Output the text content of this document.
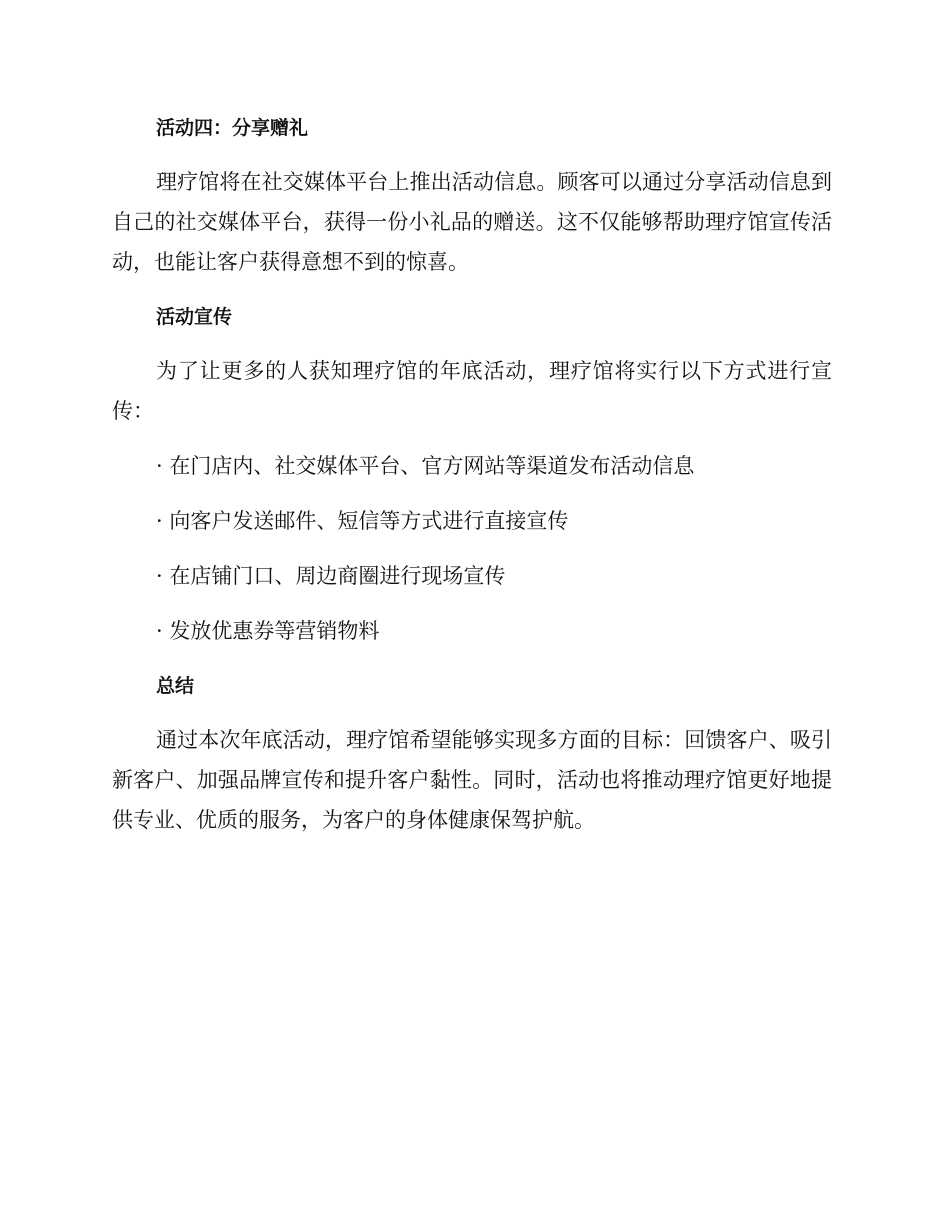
活动四：分享赠礼

理疗馆将在社交媒体平台上推出活动信息。顾客可以通过分享活动信息到自己的社交媒体平台，获得一份小礼品的赠送。这不仅能够帮助理疗馆宣传活动，也能让客户获得意想不到的惊喜。

活动宣传

为了让更多的人获知理疗馆的年底活动，理疗馆将实行以下方式进行宣传：

· 在门店内、社交媒体平台、官方网站等渠道发布活动信息

· 向客户发送邮件、短信等方式进行直接宣传

· 在店铺门口、周边商圈进行现场宣传

· 发放优惠券等营销物料

总结

通过本次年底活动，理疗馆希望能够实现多方面的目标：回馈客户、吸引新客户、加强品牌宣传和提升客户黏性。同时，活动也将推动理疗馆更好地提供专业、优质的服务，为客户的身体健康保驾护航。
